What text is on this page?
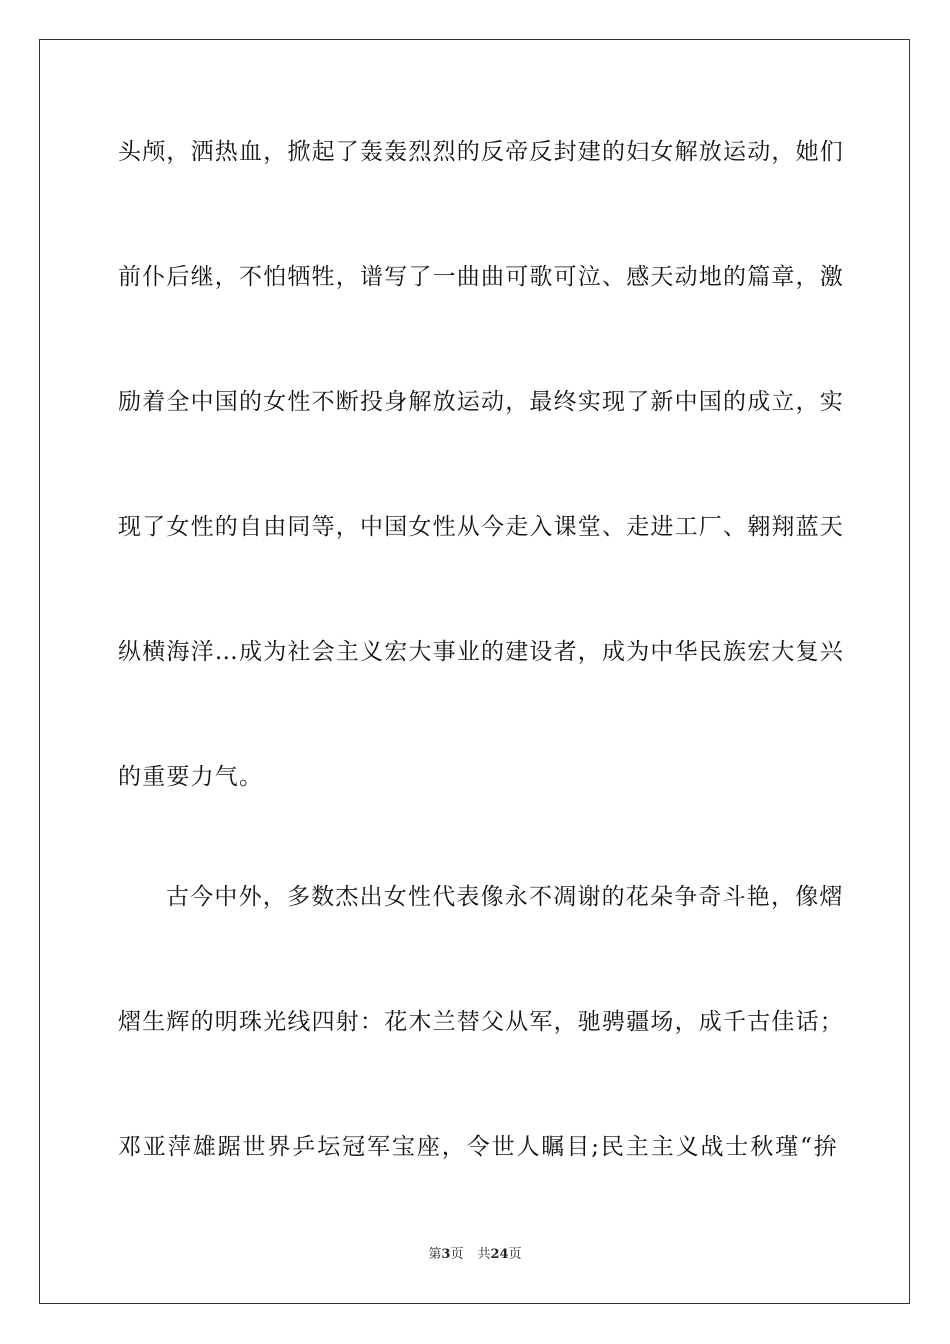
头颅，洒热血，掀起了轰轰烈烈的反帝反封建的妇女解放运动，她们
前仆后继，不怕牺牲，谱写了一曲曲可歌可泣、感天动地的篇章，激
励着全中国的女性不断投身解放运动，最终实现了新中国的成立，实
现了女性的自由同等，中国女性从今走入课堂、走进工厂、翱翔蓝天
纵横海洋…成为社会主义宏大事业的建设者，成为中华民族宏大复兴
的重要力气。
古今中外，多数杰出女性代表像永不凋谢的花朵争奇斗艳，像熠
熠生辉的明珠光线四射：花木兰替父从军，驰骋疆场，成千古佳话；
邓亚萍雄踞世界乒坛冠军宝座，令世人瞩目;民主主义战士秋瑾“拚
第3页 共24页
